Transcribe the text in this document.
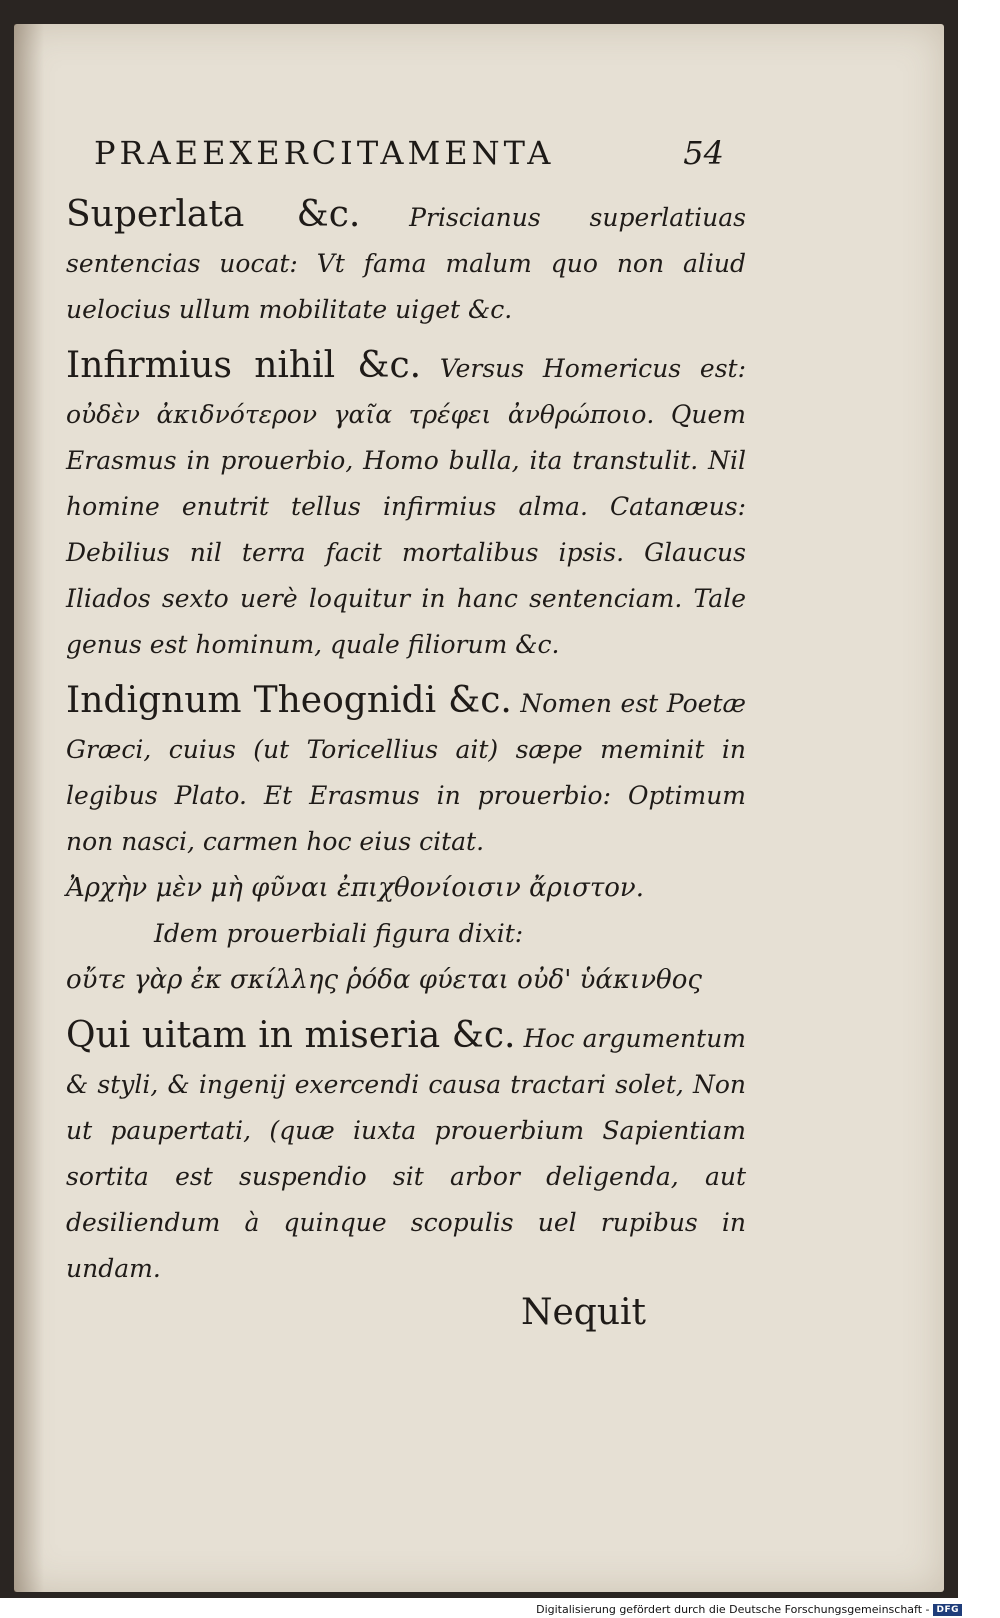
PRAEEXERCITAMENTA	54

Superlata &c. Priscianus superlatiuas sentencias uocat: Vt fama malum quo non aliud uelocius ullum mobilitate uiget &c.

Infirmius nihil &c. Versus Homericus est: οὐδὲν ἀκιδνότερον γαῖα τρέφει ἀνθρώποιο. Quem Erasmus in prouerbio, Homo bulla, ita transtulit. Nil homine enutrit tellus infirmius alma. Catanæus: Debilius nil terra facit mortalibus ipsis. Glaucus Iliados sexto uerè loquitur in hanc sentenciam. Tale genus est hominum, quale filiorum &c.

Indignum Theognidi &c. Nomen est Poetæ Græci, cuius (ut Toricellius ait) sæpe meminit in legibus Plato. Et Erasmus in prouerbio: Optimum non nasci, carmen hoc eius citat.

Ἀρχὴν μὲν μὴ φῦναι ἐπιχθονίοισιν ἄριστον.

Idem prouerbiali figura dixit:

οὔτε γὰρ ἐκ σκίλλης ῥόδα φύεται οὐδ' ὑάκινθος

Qui uitam in miseria &c. Hoc argumentum & styli, & ingenij exercendi causa tractari solet, Non ut paupertati, (quæ iuxta prouerbium Sapientiam sortita est suspendio sit arbor deligenda, aut desiliendum à quinque scopulis uel rupibus in undam.

Nequit
Digitalisierung gefördert durch die Deutsche Forschungsgemeinschaft - DFG
